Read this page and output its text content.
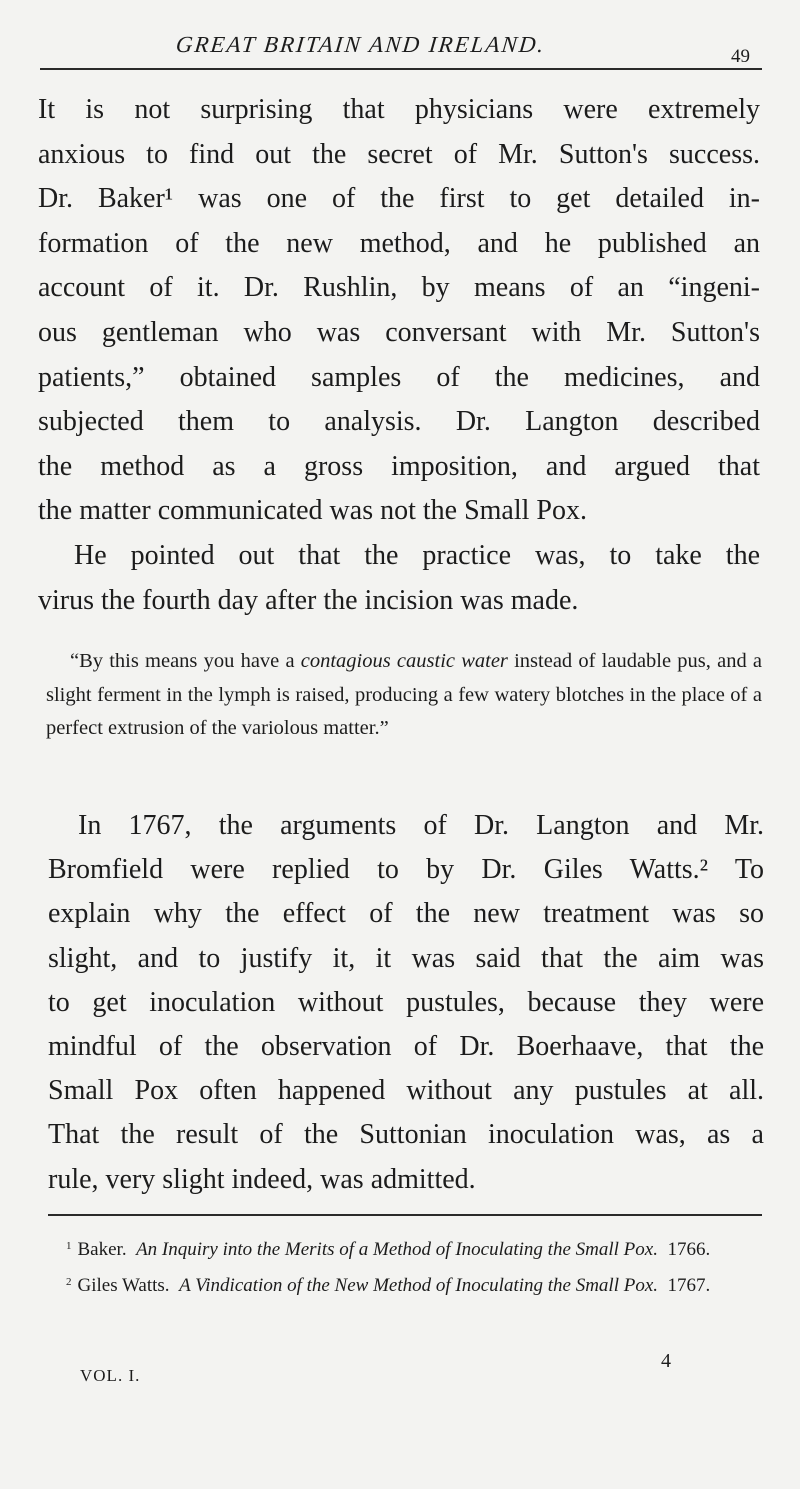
GREAT BRITAIN AND IRELAND.	49

It is not surprising that physicians were extremely

anxious to find out the secret of Mr. Sutton's success.

Dr. Baker¹ was one of the first to get detailed in-

formation of the new method, and he published an

account of it. Dr. Rushlin, by means of an “ingeni-

ous gentleman who was conversant with Mr. Sutton's

patients,” obtained samples of the medicines, and

subjected them to analysis. Dr. Langton described

the method as a gross imposition, and argued that

the matter communicated was not the Small Pox.

He pointed out that the practice was, to take the

virus the fourth day after the incision was made.

“By this means you have a contagious caustic water instead of laudable pus, and a slight ferment in the lymph is raised, producing a few watery blotches in the place of a perfect extrusion of the variolous matter.”

In 1767, the arguments of Dr. Langton and Mr.

Bromfield were replied to by Dr. Giles Watts.² To

explain why the effect of the new treatment was so

slight, and to justify it, it was said that the aim was

to get inoculation without pustules, because they were

mindful of the observation of Dr. Boerhaave, that the

Small Pox often happened without any pustules at all.

That the result of the Suttonian inoculation was, as a

rule, very slight indeed, was admitted.

$^1$ Baker. An Inquiry into the Merits of a Method of Inoculating the Small Pox. 1766.

$^2$ Giles Watts. A Vindication of the New Method of Inoculating the Small Pox. 1767.

VOL. I.
4
